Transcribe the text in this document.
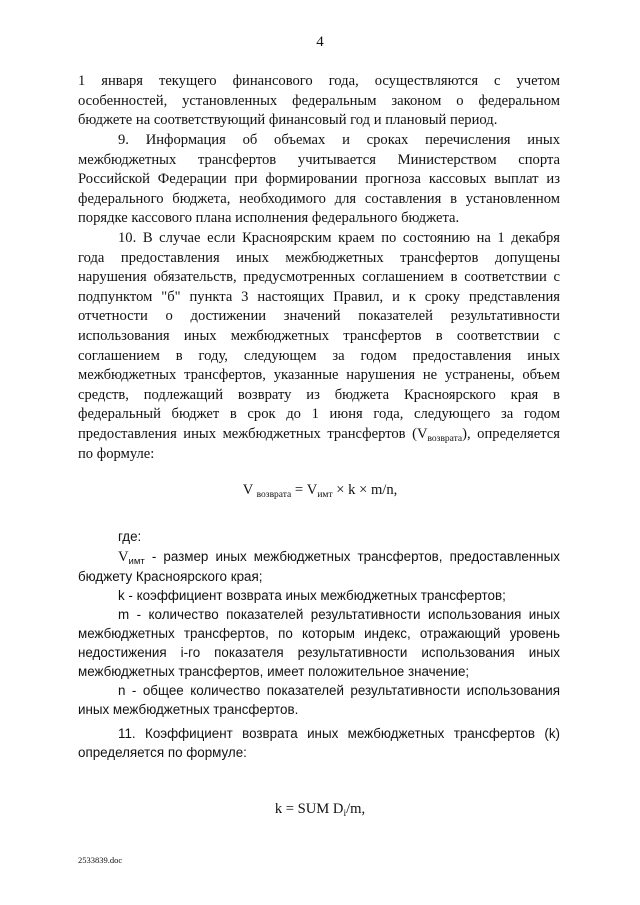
4
1 января текущего финансового года, осуществляются с учетом
особенностей, установленных федеральным законом о федеральном
бюджете на соответствующий финансовый год и плановый период.
9. Информация об объемах и сроках перечисления иных
межбюджетных трансфертов учитывается Министерством спорта
Российской Федерации при формировании прогноза кассовых выплат из
федерального бюджета, необходимого для составления в установленном
порядке кассового плана исполнения федерального бюджета.
10. В случае если Красноярским краем по состоянию на 1 декабря
года предоставления иных межбюджетных трансфертов допущены
нарушения обязательств, предусмотренных соглашением в соответствии с
подпунктом "б" пункта 3 настоящих Правил, и к сроку представления
отчетности о достижении значений показателей результативности
использования иных межбюджетных трансфертов в соответствии с
соглашением в году, следующем за годом предоставления иных
межбюджетных трансфертов, указанные нарушения не устранены, объем
средств, подлежащий возврату из бюджета Красноярского края в
федеральный бюджет в срок до 1 июня года, следующего за годом
предоставления иных межбюджетных трансфертов $(V_{возврата})$, определяется
по формуле:
V $_{возврата} = V_{имт} \times k \times m/n$,
где:
$V_{имт}$ - размер иных межбюджетных трансфертов, предоставленных
бюджету Красноярского края;
k - коэффициент возврата иных межбюджетных трансфертов;
m - количество показателей результативности использования иных
межбюджетных трансфертов, по которым индекс, отражающий уровень
недостижения i-го показателя результативности использования иных
межбюджетных трансфертов, имеет положительное значение;
n - общее количество показателей результативности использования
иных межбюджетных трансфертов.
11. Коэффициент возврата иных межбюджетных трансфертов (k)
определяется по формуле:
k = SUM $D_i/m$,
2533839.doc
